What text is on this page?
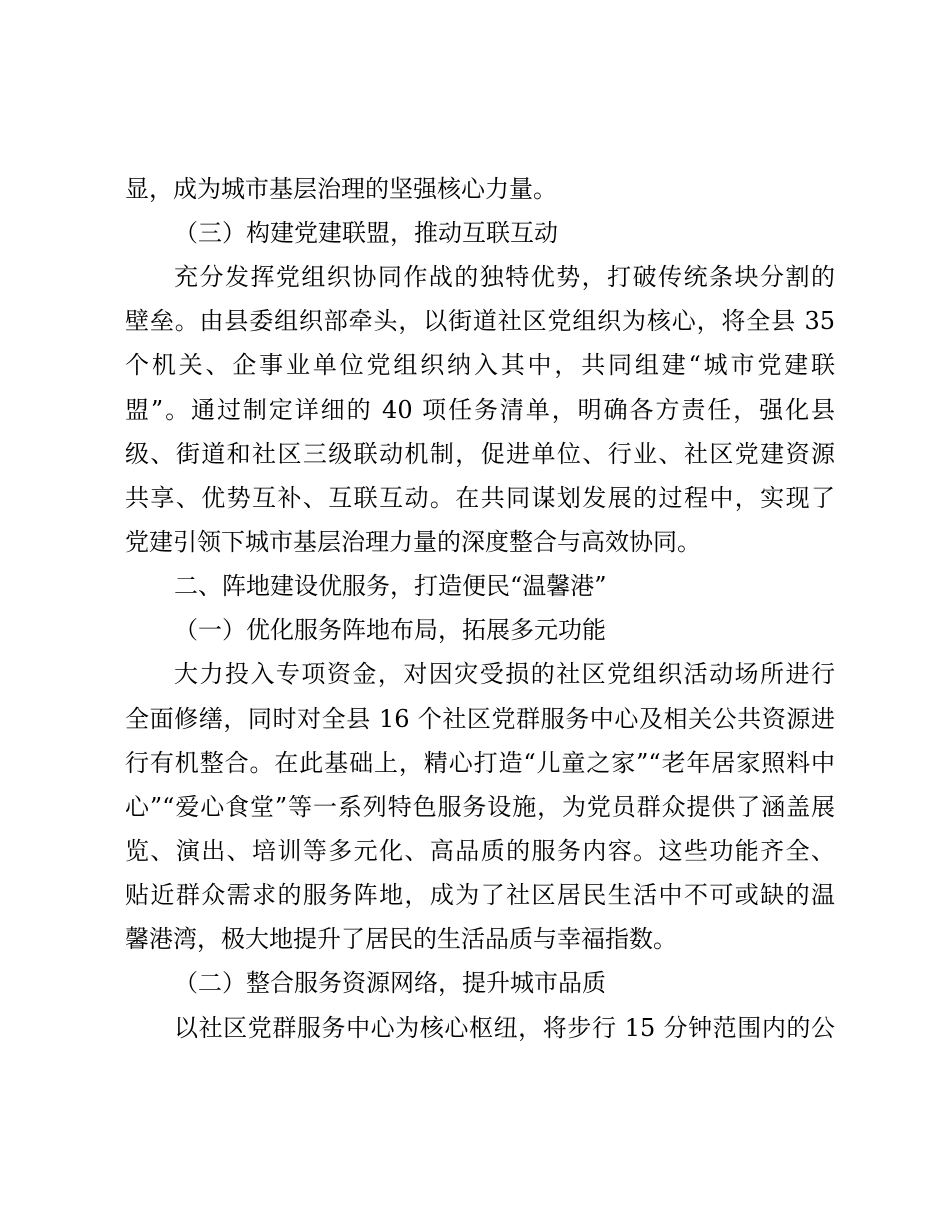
显，成为城市基层治理的坚强核心力量。
（三）构建党建联盟，推动互联互动
充分发挥党组织协同作战的独特优势，打破传统条块分割的
壁垒。由县委组织部牵头，以街道社区党组织为核心，将全县 35
个机关、企事业单位党组织纳入其中，共同组建“城市党建联
盟”。通过制定详细的 40 项任务清单，明确各方责任，强化县
级、街道和社区三级联动机制，促进单位、行业、社区党建资源
共享、优势互补、互联互动。在共同谋划发展的过程中，实现了
党建引领下城市基层治理力量的深度整合与高效协同。
二、阵地建设优服务，打造便民“温馨港”
（一）优化服务阵地布局，拓展多元功能
大力投入专项资金，对因灾受损的社区党组织活动场所进行
全面修缮，同时对全县 16 个社区党群服务中心及相关公共资源进
行有机整合。在此基础上，精心打造“儿童之家”“老年居家照料中
心”“爱心食堂”等一系列特色服务设施，为党员群众提供了涵盖展
览、演出、培训等多元化、高品质的服务内容。这些功能齐全、
贴近群众需求的服务阵地，成为了社区居民生活中不可或缺的温
馨港湾，极大地提升了居民的生活品质与幸福指数。
（二）整合服务资源网络，提升城市品质
以社区党群服务中心为核心枢纽，将步行 15 分钟范围内的公
